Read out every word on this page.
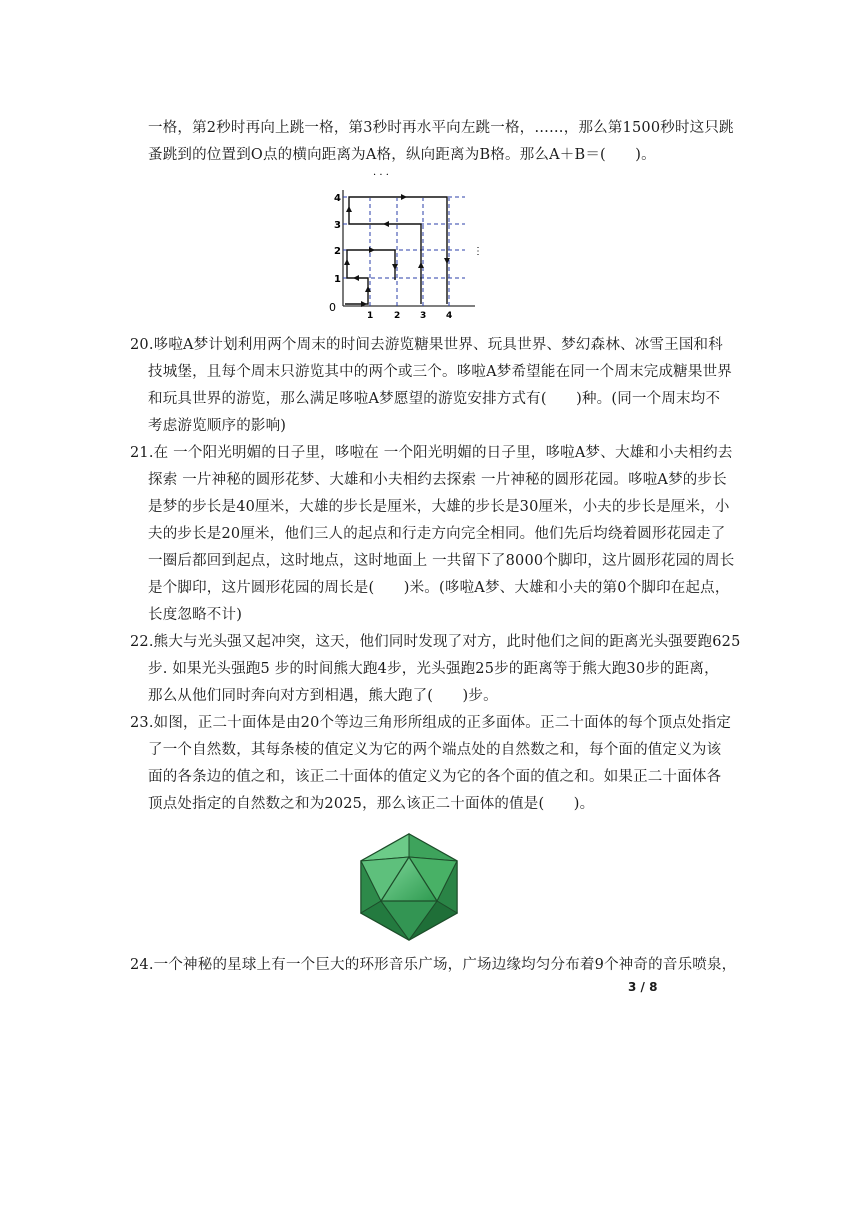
一格，第2秒时再向上跳一格，第3秒时再水平向左跳一格，……，那么第1500秒时这只跳
蚤跳到的位置到O点的横向距离为A格，纵向距离为B格。那么A＋B＝(　　)。
0
1 2 3 4
1
2
3
4
· · ·
⋮
20.哆啦A梦计划利用两个周末的时间去游览糖果世界、玩具世界、梦幻森林、冰雪王国和科
技城堡，且每个周末只游览其中的两个或三个。哆啦A梦希望能在同一个周末完成糖果世界
和玩具世界的游览，那么满足哆啦A梦愿望的游览安排方式有(　　)种。(同一个周末均不
考虑游览顺序的影响)
21.在 一个阳光明媚的日子里，哆啦在 一个阳光明媚的日子里，哆啦A梦、大雄和小夫相约去
探索 一片神秘的圆形花梦、大雄和小夫相约去探索 一片神秘的圆形花园。哆啦A梦的步长
是梦的步长是40厘米，大雄的步长是厘米，大雄的步长是30厘米，小夫的步长是厘米，小
夫的步长是20厘米，他们三人的起点和行走方向完全相同。他们先后均绕着圆形花园走了
一圈后都回到起点，这时地点，这时地面上 一共留下了8000个脚印，这片圆形花园的周长
是个脚印，这片圆形花园的周长是(　　)米。(哆啦A梦、大雄和小夫的第0个脚印在起点，
长度忽略不计)
22.熊大与光头强又起冲突，这天，他们同时发现了对方，此时他们之间的距离光头强要跑625
步. 如果光头强跑5 步的时间熊大跑4步，光头强跑25步的距离等于熊大跑30步的距离，
那么从他们同时奔向对方到相遇，熊大跑了(　　)步。
23.如图，正二十面体是由20个等边三角形所组成的正多面体。正二十面体的每个顶点处指定
了一个自然数，其每条棱的值定义为它的两个端点处的自然数之和，每个面的值定义为该
面的各条边的值之和，该正二十面体的值定义为它的各个面的值之和。如果正二十面体各
顶点处指定的自然数之和为2025，那么该正二十面体的值是(　　)。
24.一个神秘的星球上有一个巨大的环形音乐广场，广场边缘均匀分布着9个神奇的音乐喷泉，
3 / 8
